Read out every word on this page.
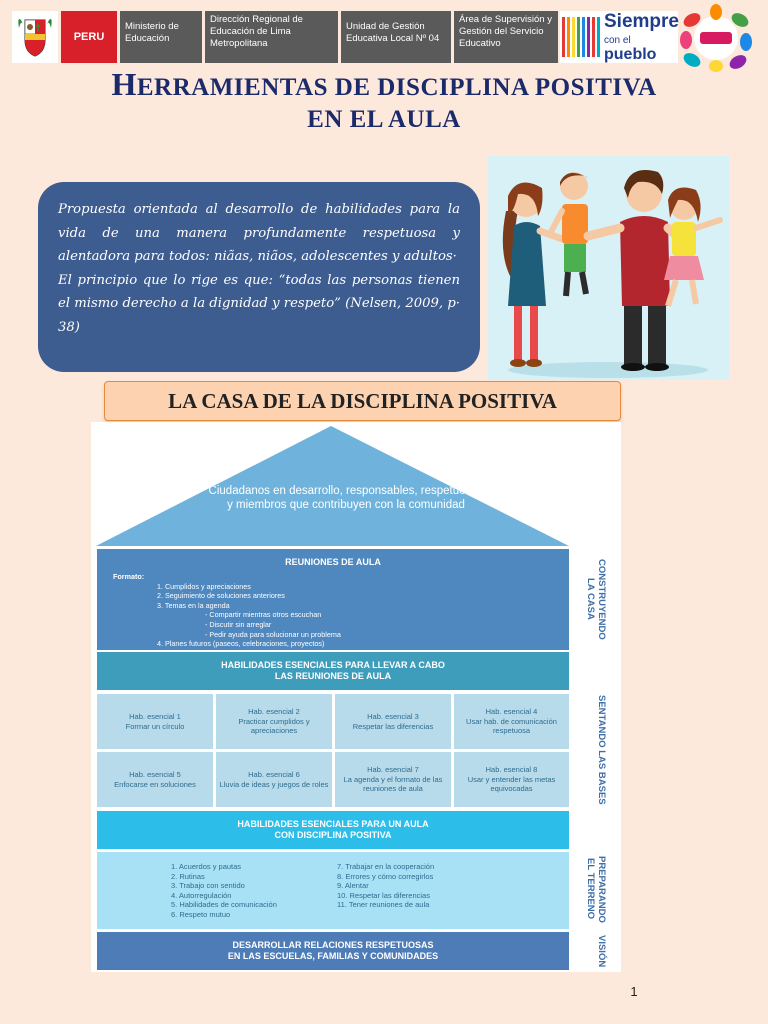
PERU
Ministerio de Educación
Dirección Regional de Educación de Lima Metropolitana
Unidad de Gestión Educativa Local Nº 04
Área de Supervisión y Gestión del Servicio Educativo
Siempre
con el pueblo
HERRAMIENTAS DE DISCIPLINA POSITIVA
EN EL AULA

Propuesta orientada al desarrollo de habilidades para la vida de una manera profundamente respetuosa y alentadora para todos: niãas, niãos, adolescentes y adultos·

El principio que lo rige es que: “todas las personas tienen el mismo derecho a la dignidad y respeto” (Nelsen, 2009, p· 38)

LA CASA DE LA DISCIPLINA POSITIVA
Ciudadanos en desarrollo, responsables, respetuosos y miembros que contribuyen con la comunidad
REUNIONES DE AULA
Formato:
1. Cumplidos y apreciaciones
2. Seguimiento de soluciones anteriores
3. Temas en la agenda
- Compartir mientras otros escuchan
- Discutir sin arreglar
- Pedir ayuda para solucionar un problema
4. Planes futuros (paseos, celebraciones, proyectos)
HABILIDADES ESENCIALES PARA LLEVAR A CABO
LAS REUNIONES DE AULA
Hab. esencial 1
Formar un círculo
Hab. esencial 2
Practicar cumplidos y apreciaciones
Hab. esencial 3
Respetar las diferencias
Hab. esencial 4
Usar hab. de comunicación respetuosa
Hab. esencial 5
Enfocarse en soluciones
Hab. esencial 6
Lluvia de ideas y juegos de roles
Hab. esencial 7
La agenda y el formato de las reuniones de aula
Hab. esencial 8
Usar y entender las metas equivocadas
HABILIDADES ESENCIALES PARA UN AULA
CON DISCIPLINA POSITIVA
1. Acuerdos y pautas
2. Rutinas
3. Trabajo con sentido
4. Autorregulación
5. Habilidades de comunicación
6. Respeto mutuo
7. Trabajar en la cooperación
8. Errores y cómo corregirlos
9. Alentar
10. Respetar las diferencias
11. Tener reuniones de aula
DESARROLLAR RELACIONES RESPETUOSAS
EN LAS ESCUELAS, FAMILIAS Y COMUNIDADES
CONSTRUYENDO LA CASA
SENTANDO LAS BASES
PREPARANDO EL TERRENO
VISIÓN
1
